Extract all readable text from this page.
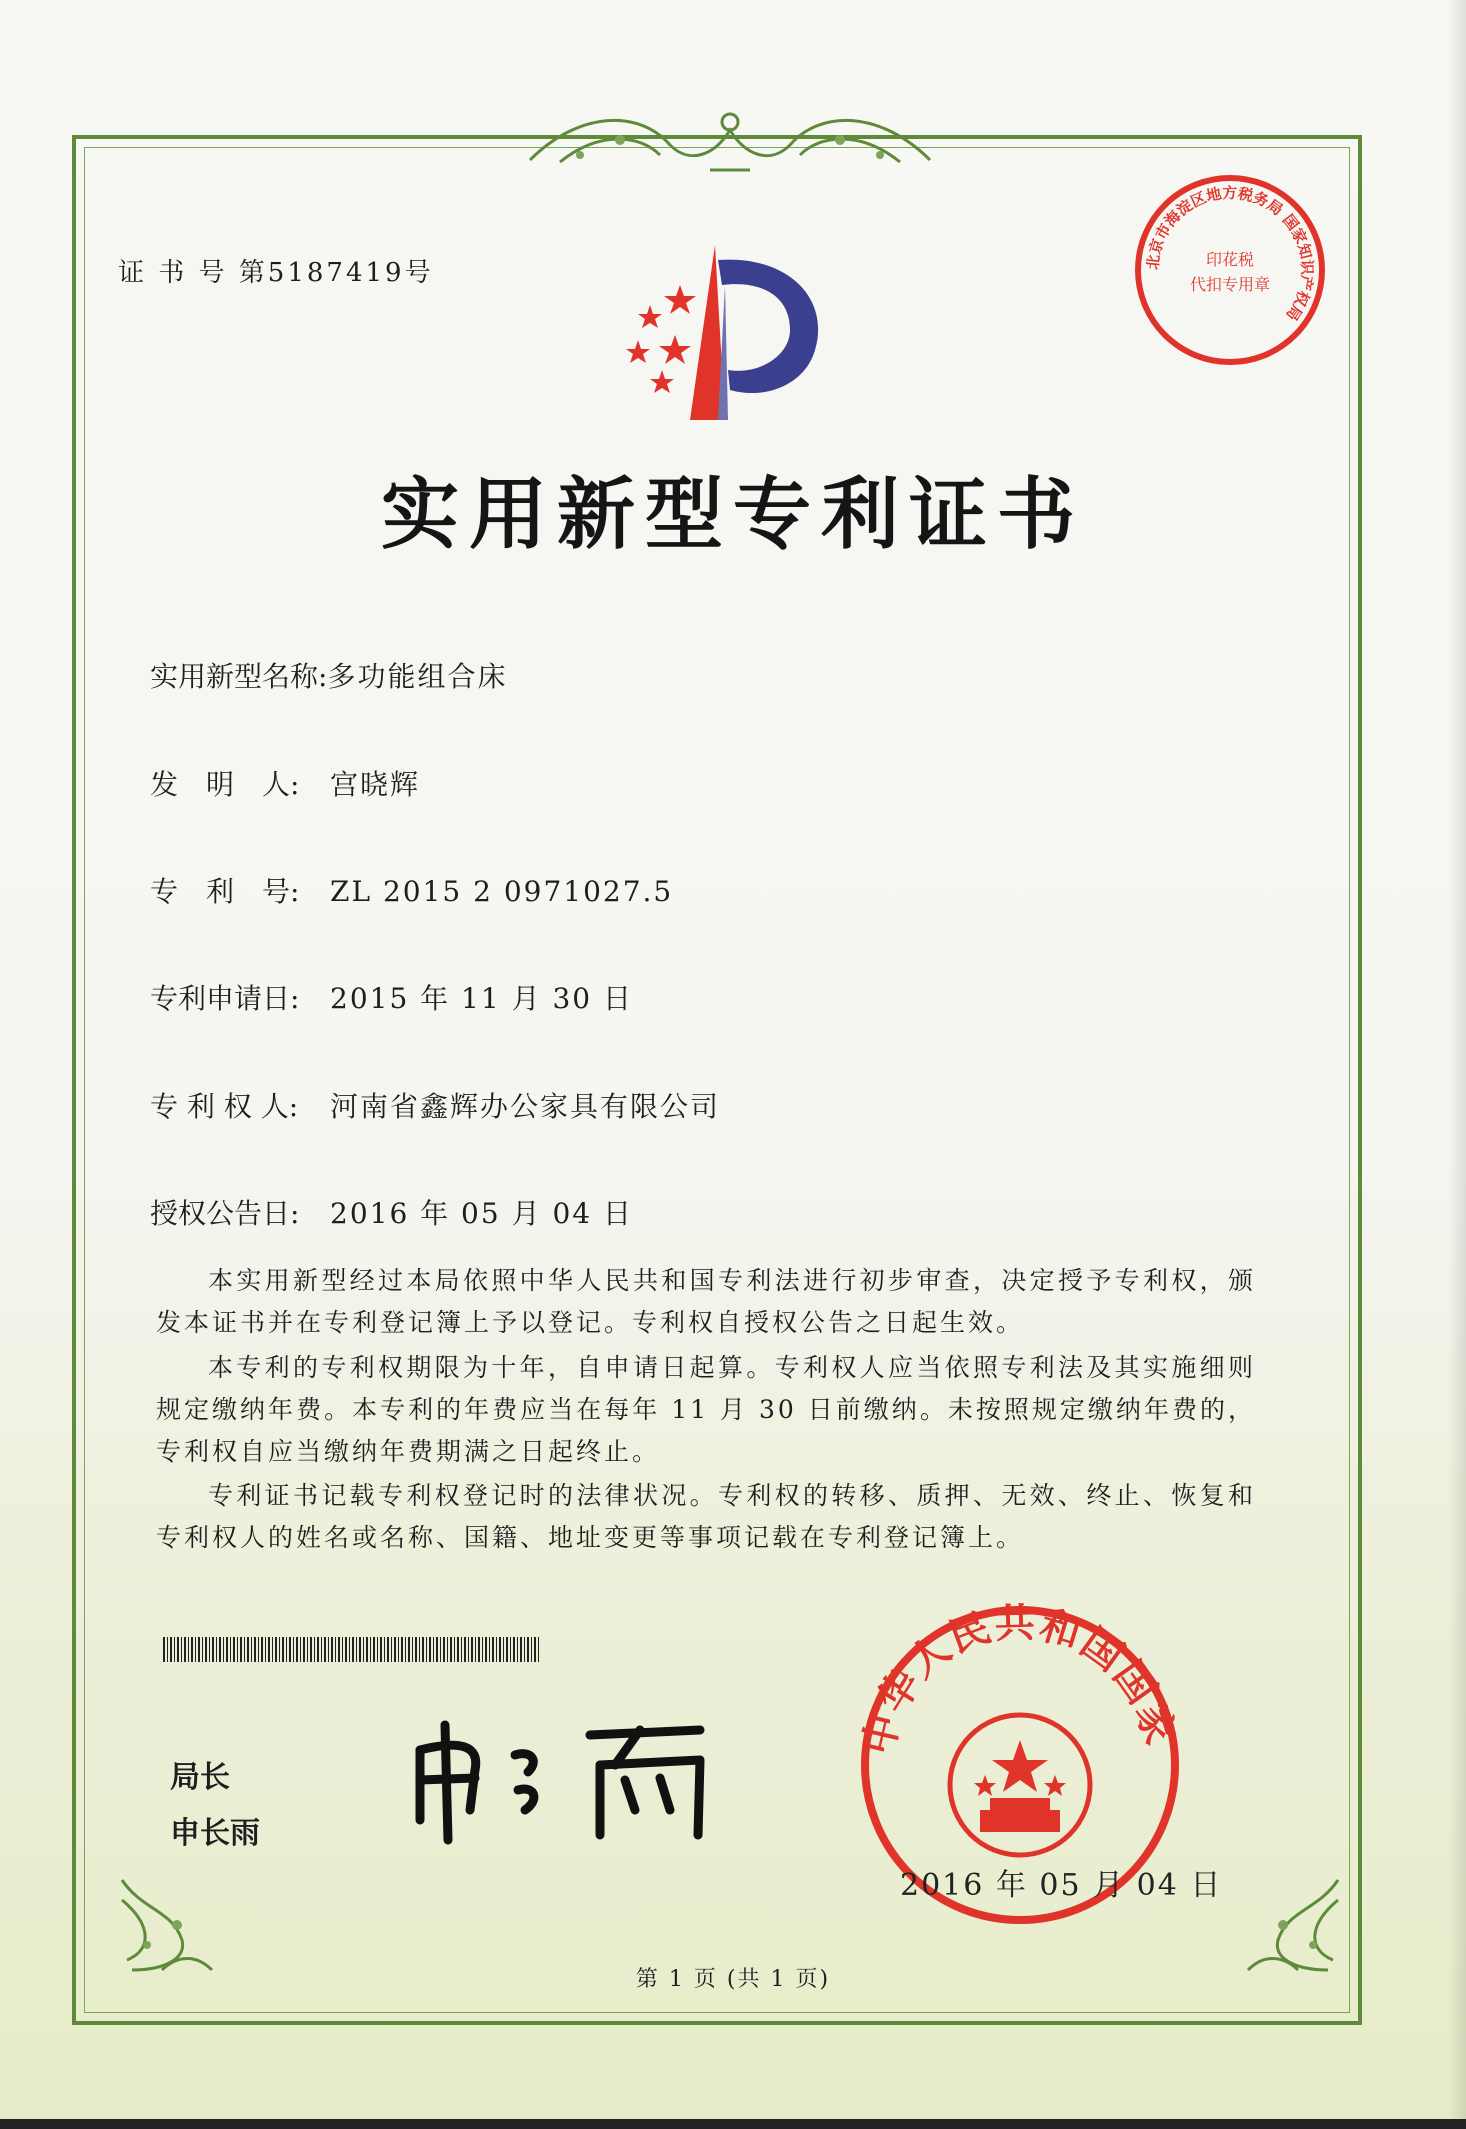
证 书 号 第5187419号	北京市海淀区地方税务局 国家知识产权局
印花税
代扣专用章
实用新型专利证书
实用新型名称:多功能组合床
发　明　人: 宫晓辉
专　利　号: ZL 2015 2 0971027.5
专利申请日: 2015 年 11 月 30 日
专 利 权 人: 河南省鑫辉办公家具有限公司
授权公告日: 2016 年 05 月 04 日

本实用新型经过本局依照中华人民共和国专利法进行初步审查，决定授予专利权，颁发本证书并在专利登记簿上予以登记。专利权自授权公告之日起生效。

本专利的专利权期限为十年，自申请日起算。专利权人应当依照专利法及其实施细则规定缴纳年费。本专利的年费应当在每年 11 月 30 日前缴纳。未按照规定缴纳年费的，专利权自应当缴纳年费期满之日起终止。

专利证书记载专利权登记时的法律状况。专利权的转移、质押、无效、终止、恢复和专利权人的姓名或名称、国籍、地址变更等事项记载在专利登记簿上。

局长
申长雨
中华人民共和国国家
2016 年 05 月 04 日
第 1 页 (共 1 页)
